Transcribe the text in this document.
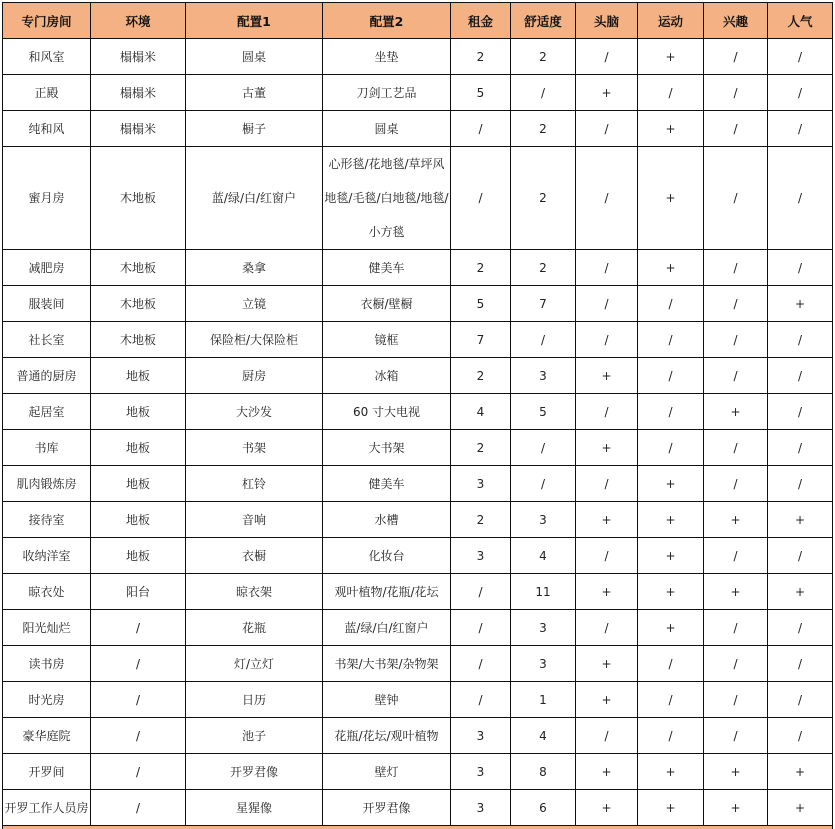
专门房间	环境	配置1	配置2	租金	舒适度	头脑	运动	兴趣	人气

和风室	榻榻米	圆桌	坐垫	2	2	/	+	/	/

正殿	榻榻米	古董	刀剑工艺品	5	/	+	/	/	/

纯和风	榻榻米	橱子	圆桌	/	2	/	+	/	/

蜜月房	木地板	蓝/绿/白/红窗户	心形毯/花地毯/草坪风地毯/毛毯/白地毯/地毯/小方毯	/	2	/	+	/	/

减肥房	木地板	桑拿	健美车	2	2	/	+	/	/

服装间	木地板	立镜	衣橱/壁橱	5	7	/	/	/	+

社长室	木地板	保险柜/大保险柜	镜框	7	/	/	/	/	/

普通的厨房	地板	厨房	冰箱	2	3	+	/	/	/

起居室	地板	大沙发	60 寸大电视	4	5	/	/	+	/

书库	地板	书架	大书架	2	/	+	/	/	/

肌肉锻炼房	地板	杠铃	健美车	3	/	/	+	/	/

接待室	地板	音响	水槽	2	3	+	+	+	+

收纳洋室	地板	衣橱	化妆台	3	4	/	+	/	/

晾衣处	阳台	晾衣架	观叶植物/花瓶/花坛	/	11	+	+	+	+

阳光灿烂	/	花瓶	蓝/绿/白/红窗户	/	3	/	+	/	/

读书房	/	灯/立灯	书架/大书架/杂物架	/	3	+	/	/	/

时光房	/	日历	壁钟	/	1	+	/	/	/

豪华庭院	/	池子	花瓶/花坛/观叶植物	3	4	/	/	/	/

开罗间	/	开罗君像	壁灯	3	8	+	+	+	+

开罗工作人员房	/	星猩像	开罗君像	3	6	+	+	+	+
